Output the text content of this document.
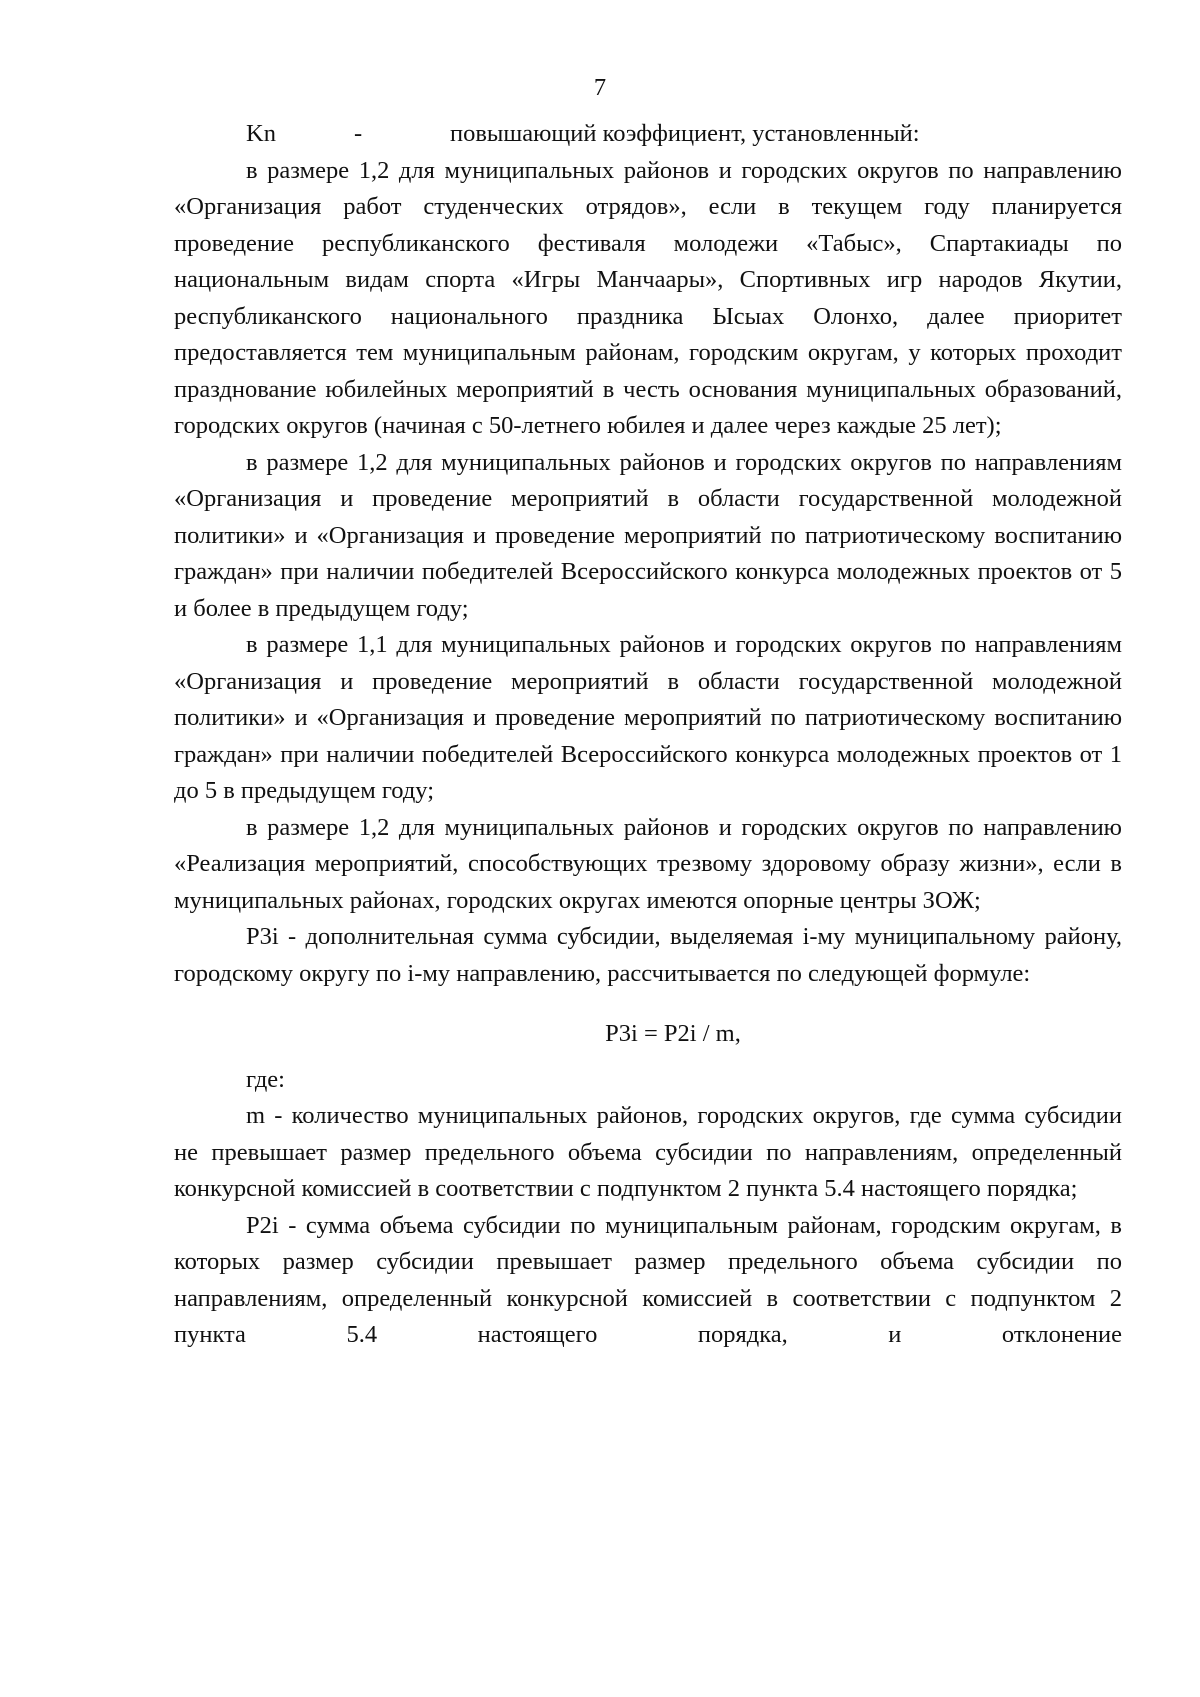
7
Kn	-	повышающий коэффициент, установленный:

в размере 1,2 для муниципальных районов и городских округов по направлению «Организация работ студенческих отрядов», если в текущем году планируется проведение республиканского фестиваля молодежи «Табыс», Спартакиады по национальным видам спорта «Игры Манчаары», Спортивных игр народов Якутии, республиканского национального праздника Ысыах Олонхо, далее приоритет предоставляется тем муниципальным районам, городским округам, у которых проходит празднование юбилейных мероприятий в честь основания муниципальных образований, городских округов (начиная с 50-летнего юбилея и далее через каждые 25 лет);

в размере 1,2 для муниципальных районов и городских округов по направлениям «Организация и проведение мероприятий в области государственной молодежной политики» и «Организация и проведение мероприятий по патриотическому воспитанию граждан» при наличии победителей Всероссийского конкурса молодежных проектов от 5 и более в предыдущем году;

в размере 1,1 для муниципальных районов и городских округов по направлениям «Организация и проведение мероприятий в области государственной молодежной политики» и «Организация и проведение мероприятий по патриотическому воспитанию граждан» при наличии победителей Всероссийского конкурса молодежных проектов от 1 до 5 в предыдущем году;

в размере 1,2 для муниципальных районов и городских округов по направлению «Реализация мероприятий, способствующих трезвому здоровому образу жизни», если в муниципальных районах, городских округах имеются опорные центры ЗОЖ;

Р3i - дополнительная сумма субсидии, выделяемая i-му муниципальному району, городскому округу по i-му направлению, рассчитывается по следующей формуле:

Р3i = Р2i / m,

где:

m - количество муниципальных районов, городских округов, где сумма субсидии не превышает размер предельного объема субсидии по направлениям, определенный конкурсной комиссией в соответствии с подпунктом 2 пункта 5.4 настоящего порядка;

Р2i - сумма объема субсидии по муниципальным районам, городским округам, в которых размер субсидии превышает размер предельного объема субсидии по направлениям, определенный конкурсной комиссией в соответствии с подпунктом 2 пункта 5.4 настоящего порядка, и отклонение
